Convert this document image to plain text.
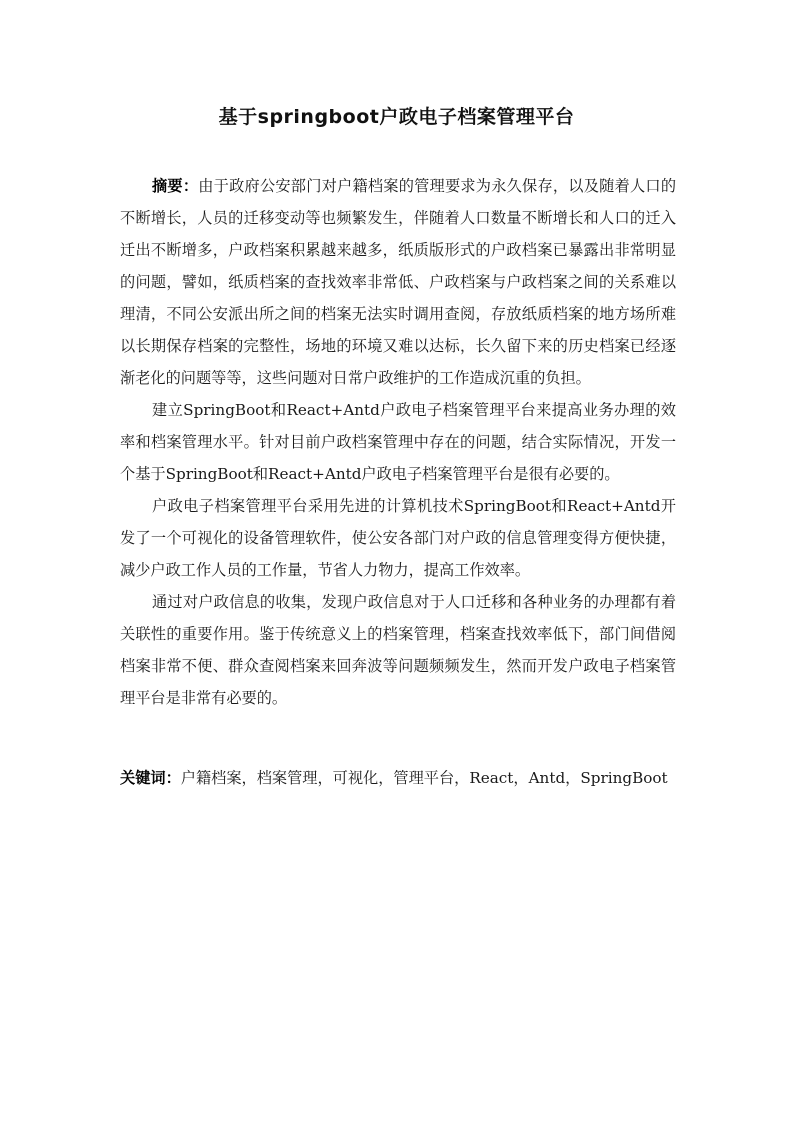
基于springboot户政电子档案管理平台

摘要：由于政府公安部门对户籍档案的管理要求为永久保存，以及随着人口的不断增长，人员的迁移变动等也频繁发生，伴随着人口数量不断增长和人口的迁入迁出不断增多，户政档案积累越来越多，纸质版形式的户政档案已暴露出非常明显的问题，譬如，纸质档案的查找效率非常低、户政档案与户政档案之间的关系难以理清，不同公安派出所之间的档案无法实时调用查阅，存放纸质档案的地方场所难以长期保存档案的完整性，场地的环境又难以达标，长久留下来的历史档案已经逐渐老化的问题等等，这些问题对日常户政维护的工作造成沉重的负担。

建立SpringBoot和React+Antd户政电子档案管理平台来提高业务办理的效率和档案管理水平。针对目前户政档案管理中存在的问题，结合实际情况，开发一个基于SpringBoot和React+Antd户政电子档案管理平台是很有必要的。

户政电子档案管理平台采用先进的计算机技术SpringBoot和React+Antd开发了一个可视化的设备管理软件，使公安各部门对户政的信息管理变得方便快捷，减少户政工作人员的工作量，节省人力物力，提高工作效率。

通过对户政信息的收集，发现户政信息对于人口迁移和各种业务的办理都有着关联性的重要作用。鉴于传统意义上的档案管理，档案查找效率低下，部门间借阅档案非常不便、群众查阅档案来回奔波等问题频频发生，然而开发户政电子档案管理平台是非常有必要的。

关键词：户籍档案，档案管理，可视化，管理平台，React，Antd，SpringBoot
